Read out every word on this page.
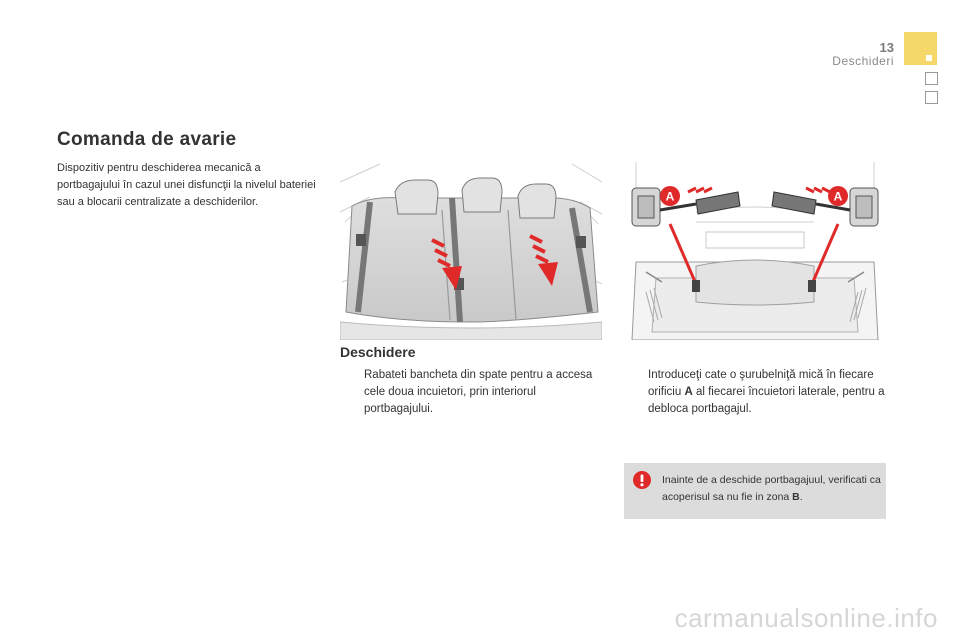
13
Deschideri
Comanda de avarie
Dispozitiv pentru deschiderea mecanică a portbagajului în cazul unei disfuncţii la nivelul bateriei sau a blocarii centralizate a deschiderilor.	A	A
Deschidere
Rabateti bancheta din spate pentru a accesa cele doua incuietori, prin interiorul portbagajului.
Introduceţi cate o şurubelniţă mică în fiecare orificiu A al fiecarei încuietori laterale, pentru a debloca portbagajul.
Inainte de a deschide portbagajuul, verificati ca acoperisul sa nu fie in zona B.
carmanualsonline.info
